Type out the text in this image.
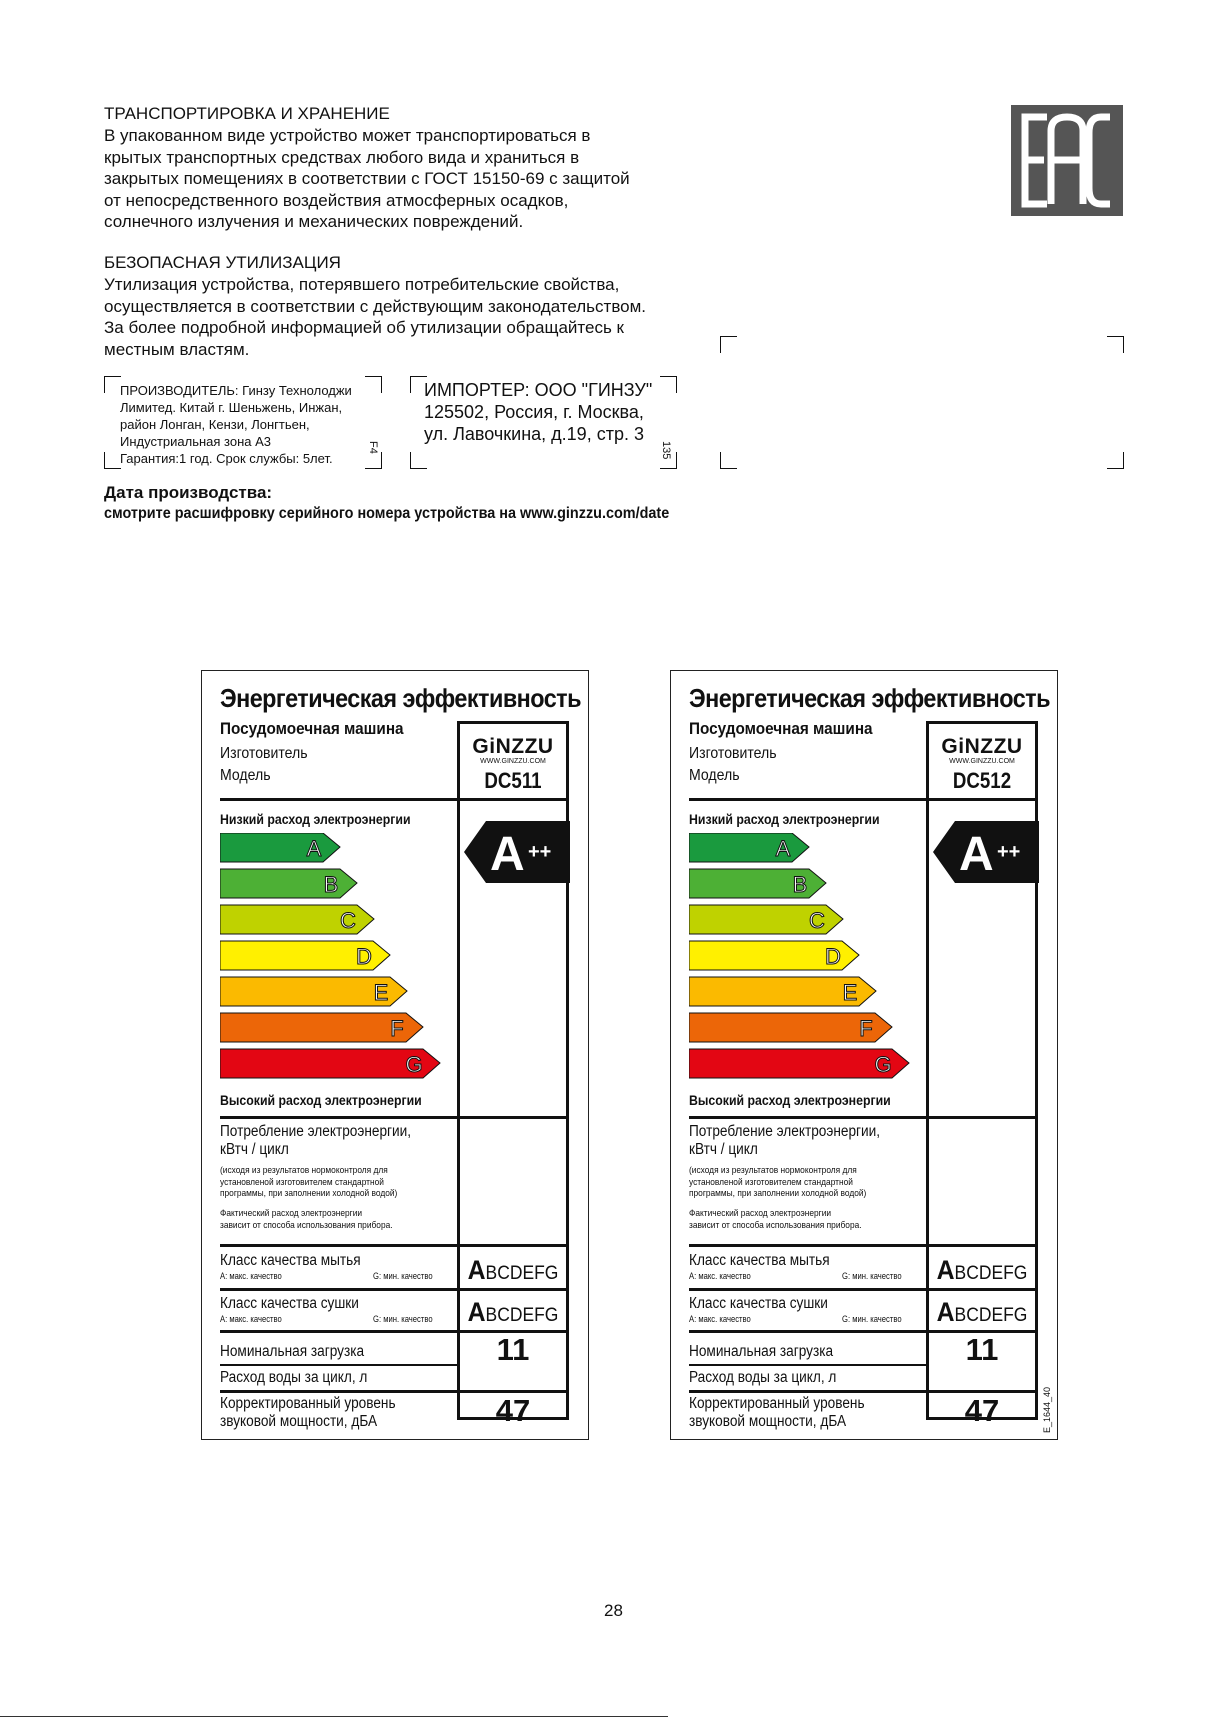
ТРАНСПОРТИРОВКА И ХРАНЕНИЕ
В упакованном виде устройство может транспортироваться в
крытых транспортных средствах любого вида и храниться в
закрытых помещениях в соответствии с ГОСТ 15150-69 с защитой
от непосредственного воздействия атмосферных осадков,
солнечного излучения и механических повреждений.
БЕЗОПАСНАЯ УТИЛИЗАЦИЯ
Утилизация устройства, потерявшего потребительские свойства,
осуществляется в соответствии с действующим законодательством.
За более подробной информацией об утилизации обращайтесь к
местным властям.
ПРОИЗВОДИТЕЛЬ: Гинзу Технолоджи
Лимитед. Китай г. Шеньжень, Инжан,
район Лонган, Кензи, Лонгтьен,
Индустриальная зона А3
Гарантия:1 год. Срок службы: 5лет.
F4
ИМПОРТЕР: ООО "ГИНЗУ"
125502, Россия, г. Москва,
ул. Лавочкина, д.19, стр. 3
135
Дата производства:
смотрите расшифровку серийного номера устройства на www.ginzzu.com/date
Энергетическая эффективность
Посудомоечная машина
Изготовитель
Модель
GiNZZU
WWW.GINZZU.COM
DC511
Низкий расход электроэнергии
A
B
C
D
E
F
G
A ++
Высокий расход электроэнергии
Потребление электроэнергии,
кВтч / цикл
(исходя из результатов нормоконтроля для
установленой изготовителем стандартной
программы, при заполнении холодной водой)
Фактический расход электроэнергии
зависит от способа использования прибора.
Класс качества мытья
A: макс. качество	G: мин. качество ABCDEFG
Класс качества сушки
A: макс. качество	G: мин. качество ABCDEFG
Номинальная загрузка	11
Расход воды за цикл, л
Корректированный уровень
звуковой мощности, дБА	47
Энергетическая эффективность
Посудомоечная машина
Изготовитель
Модель
GiNZZU
WWW.GINZZU.COM
DC512
Низкий расход электроэнергии
A
B
C
D
E
F
G
A ++
Высокий расход электроэнергии
Потребление электроэнергии,
кВтч / цикл
(исходя из результатов нормоконтроля для
установленой изготовителем стандартной
программы, при заполнении холодной водой)
Фактический расход электроэнергии
зависит от способа использования прибора.
Класс качества мытья
A: макс. качество	G: мин. качество ABCDEFG
Класс качества сушки
A: макс. качество	G: мин. качество ABCDEFG
Номинальная загрузка	11
Расход воды за цикл, л
Корректированный уровень
звуковой мощности, дБА	47	E_1644_40
28
